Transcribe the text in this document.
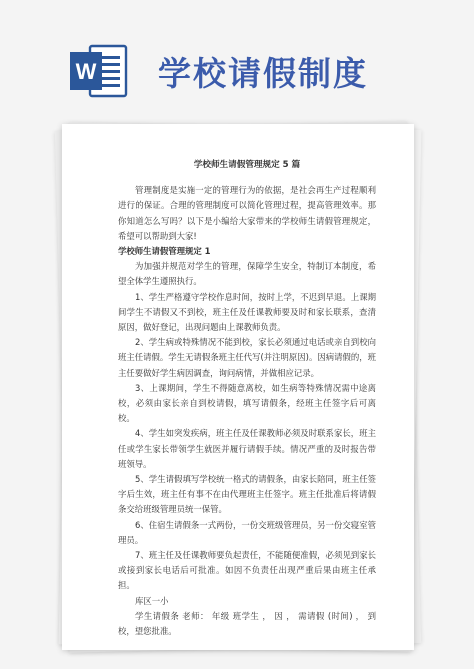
W 学校请假制度
学校师生请假管理规定 5 篇
管理制度是实施一定的管理行为的依据，是社会再生产过程顺利进行的保证。合理的管理制度可以简化管理过程，提高管理效率。那你知道怎么写吗？以下是小编给大家带来的学校师生请假管理规定，希望可以帮助到大家!
学校师生请假管理规定 1
为加强并规范对学生的管理，保障学生安全，特制订本制度，希望全体学生遵照执行。
1、学生严格遵守学校作息时间，按时上学，不迟到早退。上课期间学生不请假又不到校，班主任及任课教师要及时和家长联系，查清原因，做好登记，出现问题由上课教师负责。
2、学生病或特殊情况不能到校，家长必须通过电话或亲自到校向班主任请假。学生无请假条班主任代写(并注明原因)。因病请假的，班主任要做好学生病因调查，询问病情，并做相应记录。
3、上课期间，学生不得随意离校，如生病等特殊情况需中途离校，必须由家长亲自到校请假，填写请假条，经班主任签字后可离校。
4、学生如突发疾病，班主任及任课教师必须及时联系家长，班主任或学生家长带领学生就医并履行请假手续。情况严重的及时报告带班领导。
5、学生请假填写学校统一格式的请假条，由家长陪同，班主任签字后生效，班主任有事不在由代理班主任签字。班主任批准后将请假条交给班级管理员统一保管。
6、住宿生请假条一式两份，一份交班级管理员，另一份交寝室管理员。
7、班主任及任课教师要负起责任，不能随便准假，必须见到家长或接到家长电话后可批准。如因不负责任出现严重后果由班主任承担。
库区一小
学生请假条 老师： 年级 班学生 ， 因 ， 需请假 (时间) ， 到校，望您批准。
